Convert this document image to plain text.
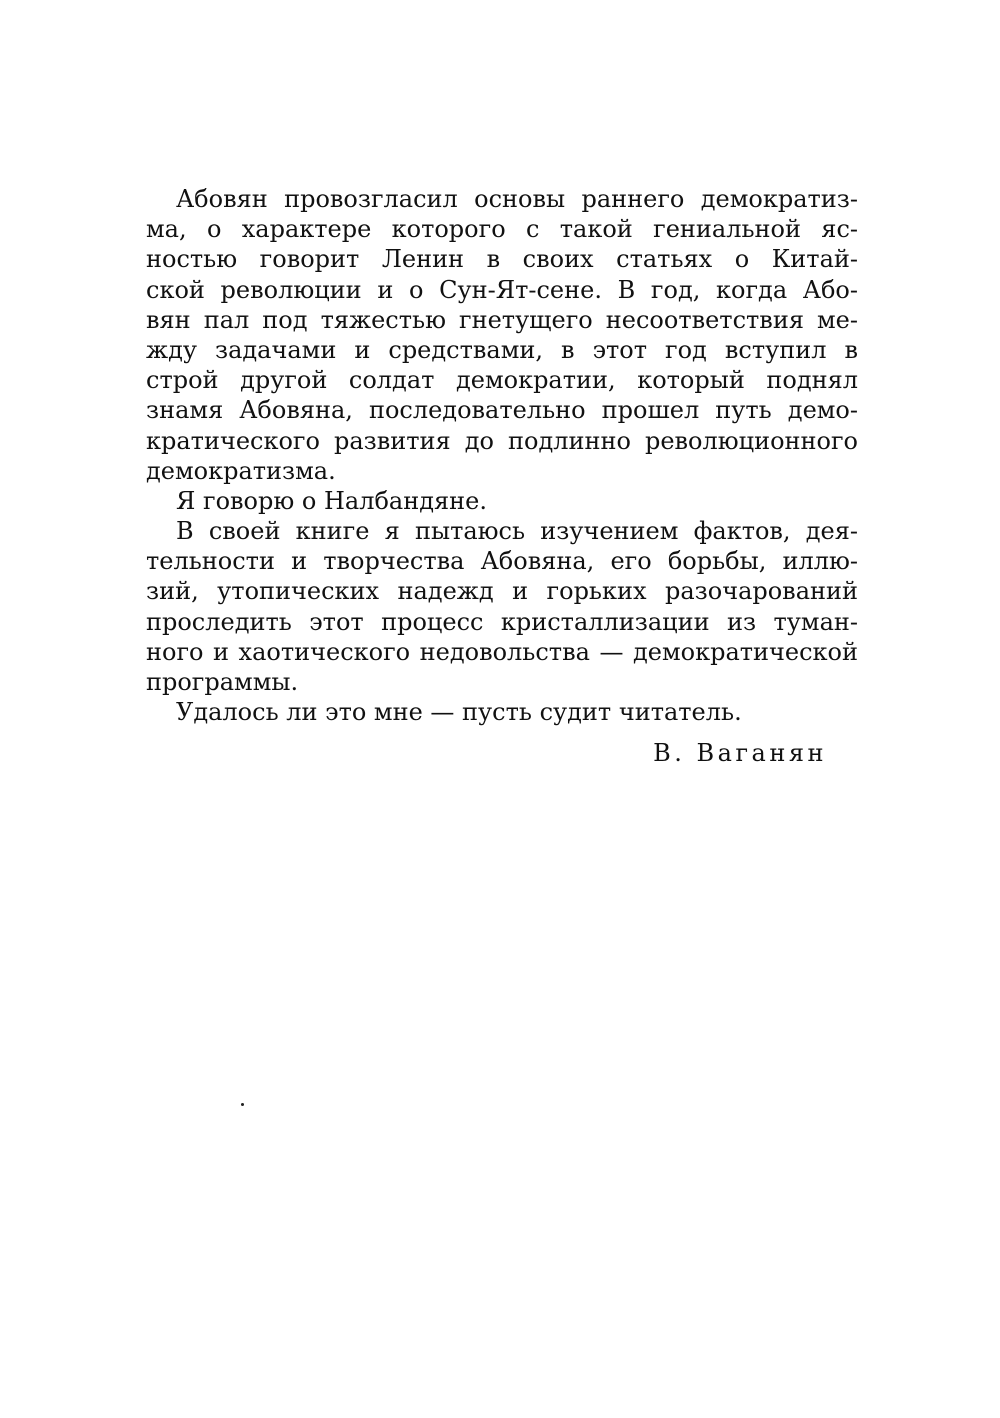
Абовян провозгласил основы раннего демократиз-
ма, о характере которого с такой гениальной яс-
ностью говорит Ленин в своих статьях о Китай-
ской революции и о Сун-Ят-сене. В год, когда Або-
вян пал под тяжестью гнетущего несоответствия ме-
жду задачами и средствами, в этот год вступил в
строй другой солдат демократии, который поднял
знамя Абовяна, последовательно прошел путь демо-
кратического развития до подлинно революционного
демократизма.
Я говорю о Налбандяне.
В своей книге я пытаюсь изучением фактов, дея-
тельности и творчества Абовяна, его борьбы, иллю-
зий, утопических надежд и горьких разочарований
проследить этот процесс кристаллизации из туман-
ного и хаотического недовольства — демократической
программы.
Удалось ли это мне — пусть судит читатель.
В. Ваганян
